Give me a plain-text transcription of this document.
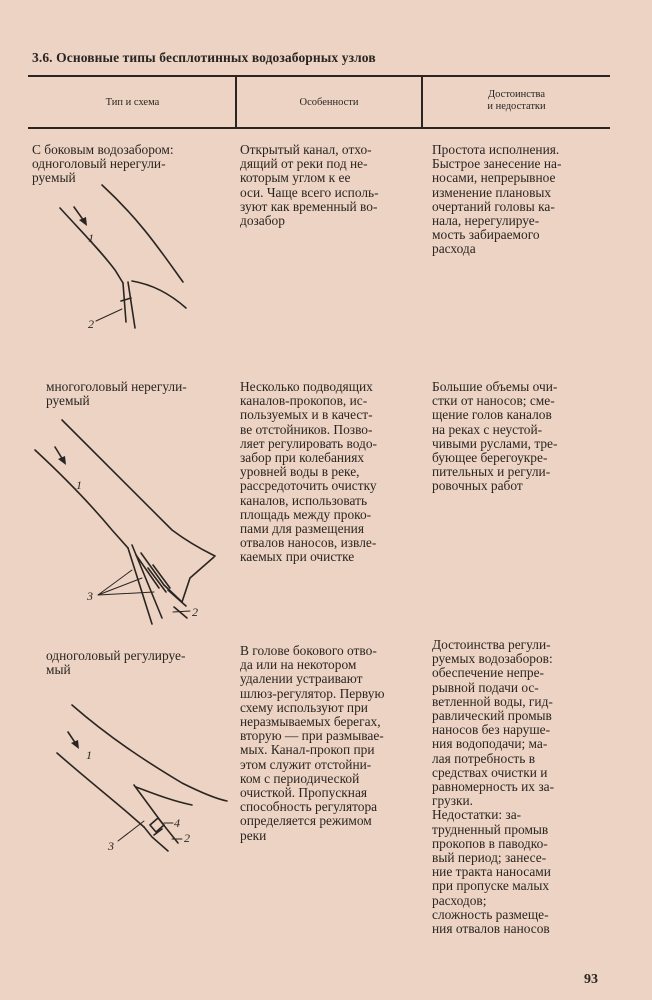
3.6. Основные типы бесплотинных водозаборных узлов
Тип и схема	Особенности
Достоинства
и недостатки
С боковым водозабором:
одноголовый нерегули-
руемый
Открытый канал, отхо-
дящий от реки под не-
которым углом к ее
оси. Чаще всего исполь-
зуют как временный во-
дозабор
Простота исполнения.
Быстрое занесение на-
носами, непрерывное
изменение плановых
очертаний головы ка-
нала, нерегулируе-
мость забираемого
расхода
1
2
многоголовый нерегули-
руемый
Несколько подводящих
каналов-прокопов, ис-
пользуемых и в качест-
ве отстойников. Позво-
ляет регулировать водо-
забор при колебаниях
уровней воды в реке,
рассредоточить очистку
каналов, использовать
площадь между проко-
пами для размещения
отвалов наносов, извле-
каемых при очистке
Большие объемы очи-
стки от наносов; сме-
щение голов каналов
на реках с неустой-
чивыми руслами, тре-
бующее берегоукре-
пительных и регули-
ровочных работ
1
3
2
одноголовый регулируе-
мый
В голове бокового отво-
да или на некотором
удалении устраивают
шлюз-регулятор. Первую
схему используют при
неразмываемых берегах,
вторую — при размывае-
мых. Канал-прокоп при
этом служит отстойни-
ком с периодической
очисткой. Пропускная
способность регулятора
определяется режимом
реки
Достоинства регули-
руемых водозаборов:
обеспечение непре-
рывной подачи ос-
ветленной воды, гид-
равлический промыв
наносов без наруше-
ния водоподачи; ма-
лая потребность в
средствах очистки и
равномерность их за-
грузки.
Недостатки: за-
трудненный промыв
прокопов в паводко-
вый период; занесе-
ние тракта наносами
при пропуске малых
расходов;
сложность размеще-
ния отвалов наносов
1
3
4
2
93
